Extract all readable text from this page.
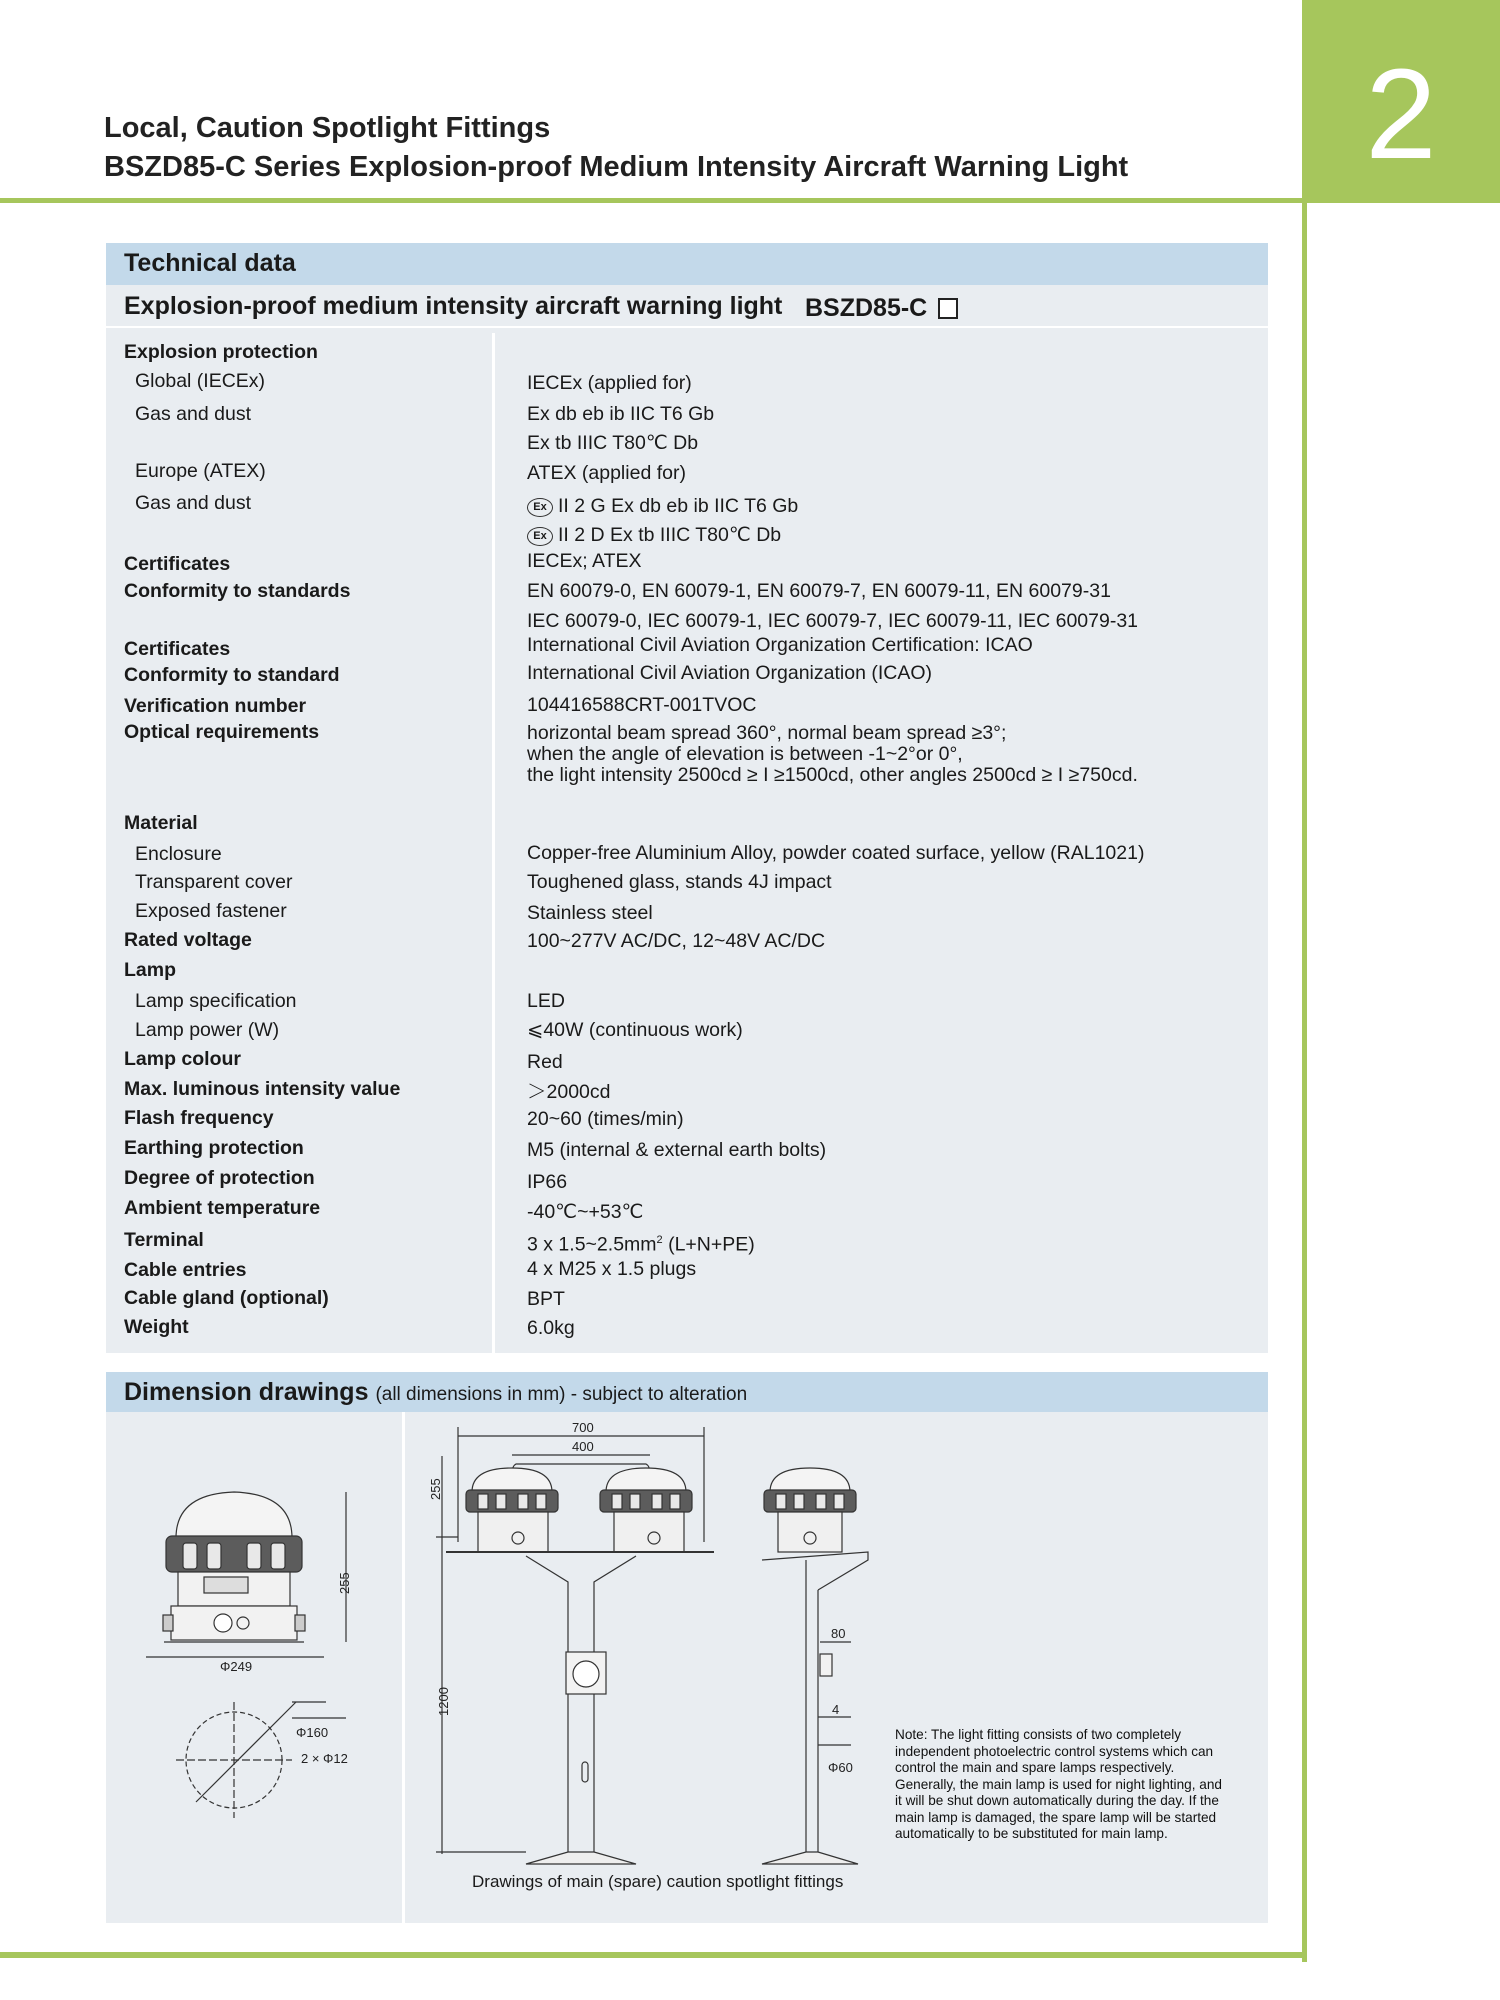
2
Local, Caution Spotlight Fittings
BSZD85-C Series Explosion-proof Medium Intensity Aircraft Warning Light
Technical data
Explosion-proof medium intensity aircraft warning light BSZD85-C
Explosion protection
Global (IECEx)
Gas and dust
Europe (ATEX)
Gas and dust
Certificates
Conformity to standards
Certificates
Conformity to standard
Verification number
Optical requirements
Material
Enclosure
Transparent cover
Exposed fastener
Rated voltage
Lamp
Lamp specification
Lamp power (W)
Lamp colour
Max. luminous intensity value
Flash frequency
Earthing protection
Degree of protection
Ambient temperature
Terminal
Cable entries
Cable gland (optional)
Weight
IECEx (applied for)
Ex db eb ib IIC T6 Gb
Ex tb IIIC T80℃ Db
ATEX (applied for)
Ex II 2 G Ex db eb ib IIC T6 Gb
Ex II 2 D Ex tb IIIC T80℃ Db
IECEx; ATEX
EN 60079-0, EN 60079-1, EN 60079-7, EN 60079-11, EN 60079-31
IEC 60079-0, IEC 60079-1, IEC 60079-7, IEC 60079-11, IEC 60079-31
International Civil Aviation Organization Certification: ICAO
International Civil Aviation Organization (ICAO)
104416588CRT-001TVOC
horizontal beam spread 360°, normal beam spread ≥3°;
when the angle of elevation is between -1~2°or 0°,
the light intensity 2500cd ≥ I ≥1500cd, other angles 2500cd ≥ I ≥750cd.
Copper-free Aluminium Alloy, powder coated surface, yellow (RAL1021)
Toughened glass, stands 4J impact
Stainless steel
100~277V AC/DC, 12~48V AC/DC
LED
⩽40W (continuous work)
Red
＞2000cd
20~60 (times/min)
M5 (internal & external earth bolts)
IP66
-40℃~+53℃
3 x $1.5\sim 2.5mm^2$ (L+N+PE)
4 x M25 x 1.5 plugs
BPT
6.0kg
Dimension drawings (all dimensions in mm) - subject to alteration
255
Φ249
Φ160
2 × Φ12
700
400
255
1200
80
4
Φ60
Note: The light fitting consists of two completely independent photoelectric control systems which can control the main and spare lamps respectively. Generally, the main lamp is used for night lighting, and it will be shut down automatically during the day. If the main lamp is damaged, the spare lamp will be started automatically to be substituted for main lamp.
Drawings of main (spare) caution spotlight fittings
